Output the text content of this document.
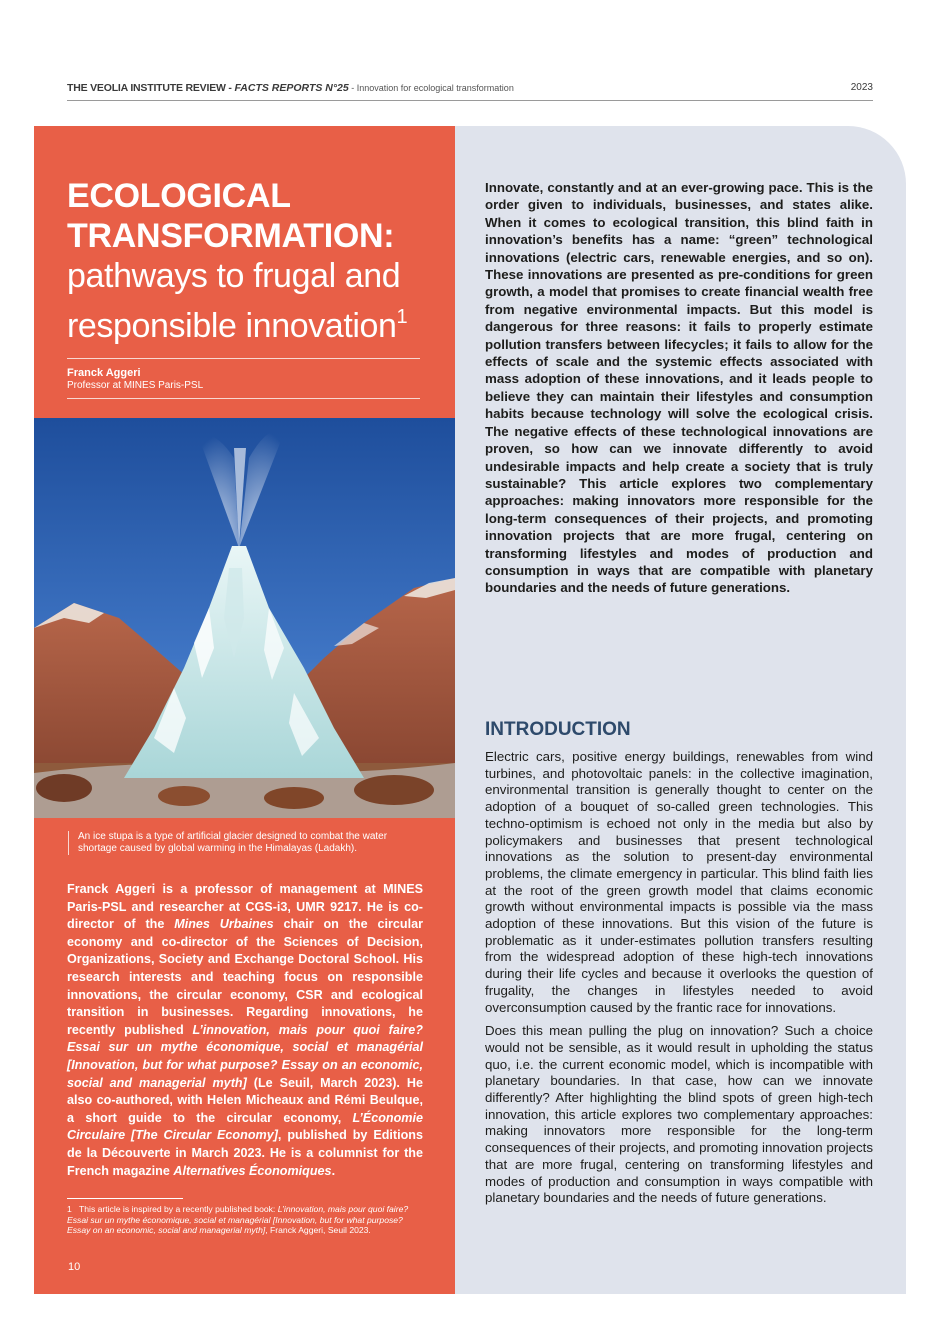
THE VEOLIA INSTITUTE REVIEW - FACTS REPORTS N°25 - Innovation for ecological transformation	2023
ECOLOGICAL
TRANSFORMATION:
pathways to frugal and
responsible innovation$^1$
Franck Aggeri
Professor at MINES Paris-PSL
An ice stupa is a type of artificial glacier designed to combat the water shortage caused by global warming in the Himalayas (Ladakh).

Franck Aggeri is a professor of management at MINES Paris-PSL and researcher at CGS-i3, UMR 9217. He is co-director of the Mines Urbaines chair on the circular economy and co-director of the Sciences of Decision, Organizations, Society and Exchange Doctoral School. His research interests and teaching focus on responsible innovations, the circular economy, CSR and ecological transition in businesses. Regarding innovations, he recently published L’innovation, mais pour quoi faire? Essai sur un mythe économique, social et managérial [Innovation, but for what purpose? Essay on an economic, social and managerial myth] (Le Seuil, March 2023). He also co-authored, with Helen Micheaux and Rémi Beulque, a short guide to the circular economy, L’Économie Circulaire [The Circular Economy], published by Editions de la Découverte in March 2023. He is a columnist for the French magazine Alternatives Économiques.

1 This article is inspired by a recently published book: L’innovation, mais pour quoi faire? Essai sur un mythe économique, social et managérial [Innovation, but for what purpose? Essay on an economic, social and managerial myth], Franck Aggeri, Seuil 2023.

10

Innovate, constantly and at an ever-growing pace. This is the order given to individuals, businesses, and states alike. When it comes to ecological transition, this blind faith in innovation’s benefits has a name: “green” technological innovations (electric cars, renewable energies, and so on). These innovations are presented as pre-conditions for green growth, a model that promises to create financial wealth free from negative environmental impacts. But this model is dangerous for three reasons: it fails to properly estimate pollution transfers between lifecycles; it fails to allow for the effects of scale and the systemic effects associated with mass adoption of these innovations, and it leads people to believe they can maintain their lifestyles and consumption habits because technology will solve the ecological crisis. The negative effects of these technological innovations are proven, so how can we innovate differently to avoid undesirable impacts and help create a society that is truly sustainable? This article explores two complementary approaches: making innovators more responsible for the long-term consequences of their projects, and promoting innovation projects that are more frugal, centering on transforming lifestyles and modes of production and consumption in ways that are compatible with planetary boundaries and the needs of future generations.

INTRODUCTION

Electric cars, positive energy buildings, renewables from wind turbines, and photovoltaic panels: in the collective imagination, environmental transition is generally thought to center on the adoption of a bouquet of so-called green technologies. This techno-optimism is echoed not only in the media but also by policymakers and businesses that present technological innovations as the solution to present-day environmental problems, the climate emergency in particular. This blind faith lies at the root of the green growth model that claims economic growth without environmental impacts is possible via the mass adoption of these innovations. But this vision of the future is problematic as it under-estimates pollution transfers resulting from the widespread adoption of these high-tech innovations during their life cycles and because it overlooks the question of frugality, the changes in lifestyles needed to avoid overconsumption caused by the frantic race for innovations.

Does this mean pulling the plug on innovation? Such a choice would not be sensible, as it would result in upholding the status quo, i.e. the current economic model, which is incompatible with planetary boundaries. In that case, how can we innovate differently? After highlighting the blind spots of green high-tech innovation, this article explores two complementary approaches: making innovators more responsible for the long-term consequences of their projects, and promoting innovation projects that are more frugal, centering on transforming lifestyles and modes of production and consumption in ways compatible with planetary boundaries and the needs of future generations.
